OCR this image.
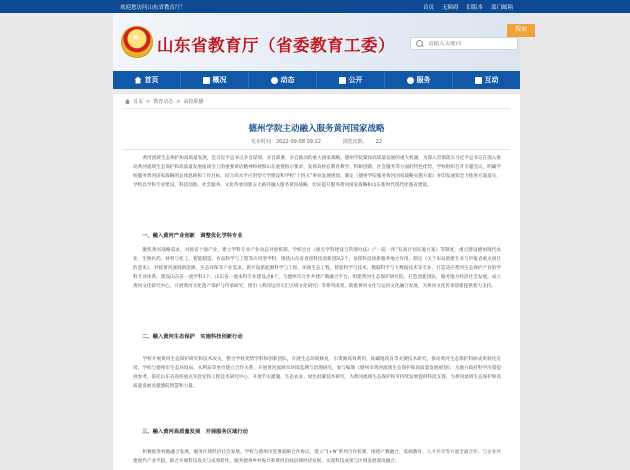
欢迎您访问山东省教育厅！	首页 无障碍 旧版本 部门邮箱
★ 山东省教育厅（省委教育工委）
请输入关键词
搜索
首页	概况	动态	公开	服务	互动
首页 > 教育动态 > 高校联播
德州学院主动融入服务黄河国家战略
发布时间：2022-09-08 09:22	浏览次数： 22

黄河流域生态保护和高质量发展，是习近平总书记亲自谋划、亲自部署、亲自推动的重大国家战略。德州学院紧扣高质量发展的重大机遇，为深入贯彻落实习近平总书记在深入推动黄河流域生态保护和高质量发展座谈会上的重要讲话精神和视察山东重要指示要求，发挥高校在教育教学、科研创新、社会服务等方面的特色优势，学校组织召开专题会议，明确学校服务黄河国家战略的总体思路和工作目标，结合高水平应用型大学建设和学校“十四五”事业发展规划，制定《德州学院服务黄河国家战略实施方案》并印发通知全力推进方案落实，学校以学科专业建设、科技创新、社会服务、文化传承创新五大路径融入服务黄河战略，切实提升服务黄河国家战略和山东新时代现代化强省建设。

一、融入黄河产业创新　调整优化学科专业

聚焦黄河战略需求，对接省十强产业，建立学科专业产业动态对接机制。学校出台《重点学科建设与管理办法》《“一院一所”双高计划实施方案》等制度，重点建设德州现代农业、生物医药、材料与化工、智能制造、食品科学与工程等应用型学科，围绕山东省青创科技创新团队2个，发挥科技创新服务地方作用。制定《关于布局新建专业与申报省重点项目的意见》，对接黄河流域新能源、生态环保等产业需求，新开设新能源科学与工程、环境生态工程、智能科学与技术、数据科学与大数据技术等专业，打造适应黄河生态保护产业的学科专业体系。建设山东省一流学科1个、山东省一流本科专业建设点8个，与德州市合作共建产教融合平台，组建黄河生态保护研究院，打造创新团队，服务地方经济社会发展。成立黄河文化研究中心，开展黄河文化遗产保护与传承研究，推出《黄河运河交汇区域文化研究》等系列成果，助推黄河文化与运河文化融合发展，为黄河文化传承创新提供智力支持。

二、融入黄河生态保护　实施科技创新行动

学校开展黄河生态保护研究和技术攻关，整合学校优势学科和创新团队，开展生态环境修复、水资源高效利用、盐碱地改良等关键技术研究，推动黄河生态保护科研成果转化应用。学校与德州市生态环境局、水利局等单位建立合作关系，开展黄河流域水环境监测与治理研究，参与编制《德州市黄河流域生态保护和高质量发展规划》，为地方政府科学决策提供参考。依托山东省高校重点实验室和工程技术研究中心，开展节水灌溉、生态农业、绿色低碳技术研究，为黄河流域生态保护和可持续发展提供科技支撑，为黄河流域生态保护和高质量发展贡献德院智慧和力量。

三、融入黄河高质量发展　开展服务区域行动

积极推进校地融合发展，服务区域经济社会发展。学校与德州市签署战略合作协议，建立“1+N”系列合作机制，围绕产教融合、基础教育、人才共享等方面全面合作，与企业共建现代产业学院。联合开展科技攻关与成果转化，服务德州乡村振兴和黄河沿线县域经济发展，实现科技成果与区域发展深度融合。
